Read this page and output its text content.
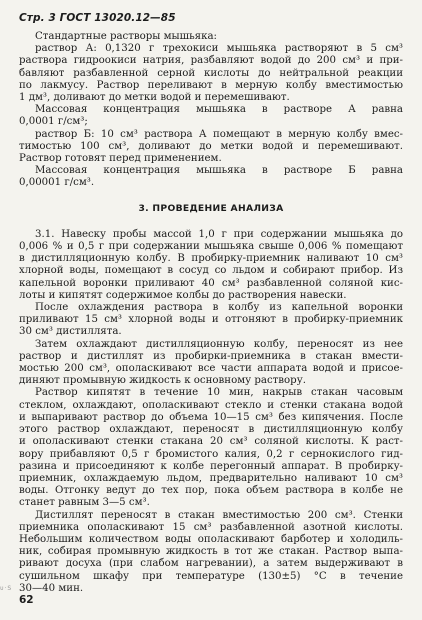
Стр. 3 ГОСТ 13020.12—85

Стандартные растворы мышьяка:

раствор А: 0,1320 г трехокиси мышьяка растворяют в 5 см³

раствора гидроокиси натрия, разбавляют водой до 200 см³ и при-

бавляют разбавленной серной кислоты до нейтральной реакции

по лакмусу. Раствор переливают в мерную колбу вместимостью

1 дм³, доливают до метки водой и перемешивают.

Массовая концентрация мышьяка в растворе А равна

0,0001 г/см³;

раствор Б: 10 см³ раствора А помещают в мерную колбу вмес-

тимостью 100 см³, доливают до метки водой и перемешивают.

Раствор готовят перед применением.

Массовая концентрация мышьяка в растворе Б равна

0,00001 г/см³.

3. ПРОВЕДЕНИЕ АНАЛИЗА

3.1. Навеску пробы массой 1,0 г при содержании мышьяка до

0,006 % и 0,5 г при содержании мышьяка свыше 0,006 % помещают

в дистилляционную колбу. В пробирку-приемник наливают 10 см³

хлорной воды, помещают в сосуд со льдом и собирают прибор. Из

капельной воронки приливают 40 см³ разбавленной соляной кис-

лоты и кипятят содержимое колбы до растворения навески.

После охлаждения раствора в колбу из капельной воронки

приливают 15 см³ хлорной воды и отгоняют в пробирку-приемник

30 см³ дистиллята.

Затем охлаждают дистилляционную колбу, переносят из нее

раствор и дистиллят из пробирки-приемника в стакан вмести-

мостью 200 см³, ополаскивают все части аппарата водой и присое-

диняют промывную жидкость к основному раствору.

Раствор кипятят в течение 10 мин, накрыв стакан часовым

стеклом, охлаждают, ополаскивают стекло и стенки стакана водой

и выпаривают раствор до объема 10—15 см³ без кипячения. После

этого раствор охлаждают, переносят в дистилляционную колбу

и ополаскивают стенки стакана 20 см³ соляной кислоты. К раст-

вору прибавляют 0,5 г бромистого калия, 0,2 г сернокислого гид-

разина и присоединяют к колбе перегонный аппарат. В пробирку-

приемник, охлаждаемую льдом, предварительно наливают 10 см³

воды. Отгонку ведут до тех пор, пока объем раствора в колбе не

станет равным 3—5 см³.

Дистиллят переносят в стакан вместимостью 200 см³. Стенки

приемника ополаскивают 15 см³ разбавленной азотной кислоты.

Небольшим количеством воды ополаскивают барботер и холодиль-

ник, собирая промывную жидкость в тот же стакан. Раствор выпа-

ривают досуха (при слабом нагревании), а затем выдерживают в

сушильном шкафу при температуре (130±5) °С в течение

30—40 мин.

ᴜ·Ѕ
62
